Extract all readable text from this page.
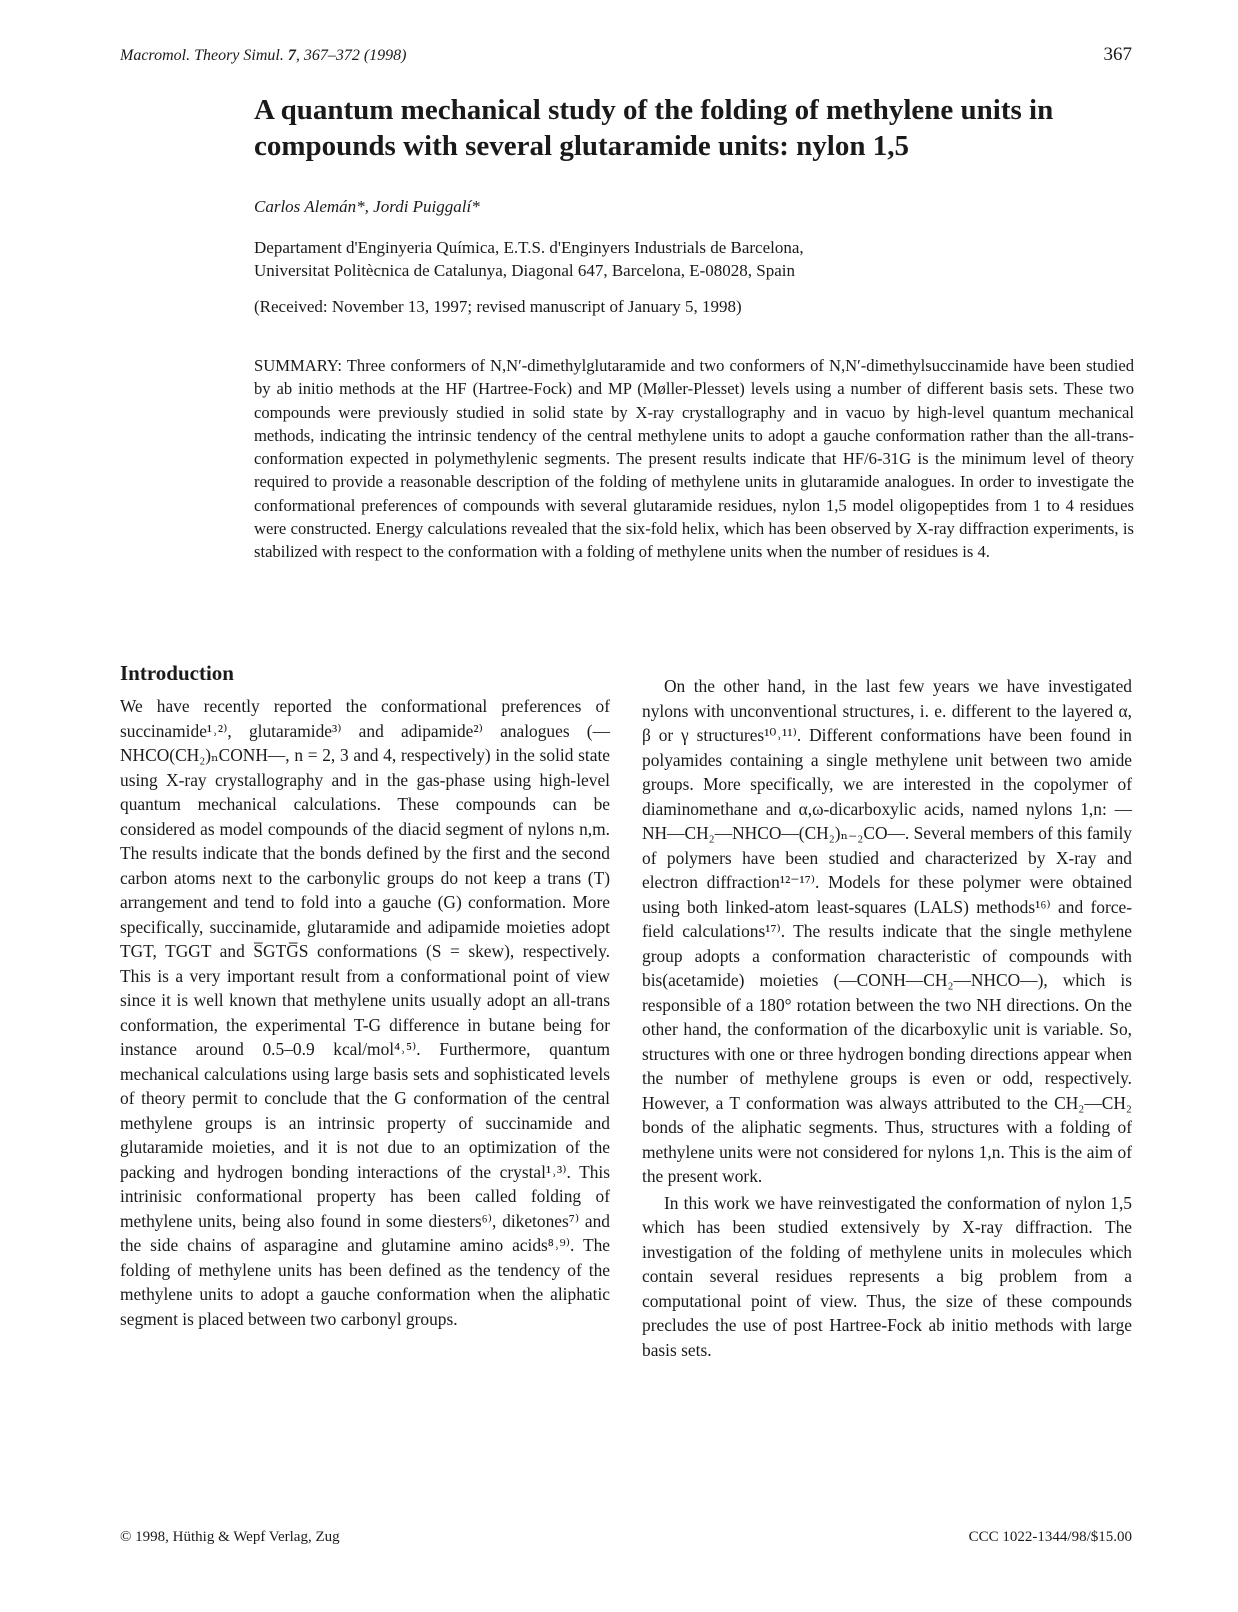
Macromol. Theory Simul. 7, 367–372 (1998)	367
A quantum mechanical study of the folding of methylene units in compounds with several glutaramide units: nylon 1,5
Carlos Alemán*, Jordi Puiggalí*
Departament d'Enginyeria Química, E.T.S. d'Enginyers Industrials de Barcelona,
Universitat Politècnica de Catalunya, Diagonal 647, Barcelona, E-08028, Spain
(Received: November 13, 1997; revised manuscript of January 5, 1998)
SUMMARY: Three conformers of N,N′-dimethylglutaramide and two conformers of N,N′-dimethylsuccinamide have been studied by ab initio methods at the HF (Hartree-Fock) and MP (Møller-Plesset) levels using a number of different basis sets. These two compounds were previously studied in solid state by X-ray crystallography and in vacuo by high-level quantum mechanical methods, indicating the intrinsic tendency of the central methylene units to adopt a gauche conformation rather than the all-trans-conformation expected in polymethylenic segments. The present results indicate that HF/6-31G is the minimum level of theory required to provide a reasonable description of the folding of methylene units in glutaramide analogues. In order to investigate the conformational preferences of compounds with several glutaramide residues, nylon 1,5 model oligopeptides from 1 to 4 residues were constructed. Energy calculations revealed that the six-fold helix, which has been observed by X-ray diffraction experiments, is stabilized with respect to the conformation with a folding of methylene units when the number of residues is 4.
Introduction

We have recently reported the conformational preferences of succinamide¹˒²⁾, glutaramide³⁾ and adipamide²⁾ analogues (—NHCO(CH₂)ₙCONH—, n = 2, 3 and 4, respectively) in the solid state using X-ray crystallography and in the gas-phase using high-level quantum mechanical calculations. These compounds can be considered as model compounds of the diacid segment of nylons n,m. The results indicate that the bonds defined by the first and the second carbon atoms next to the carbonylic groups do not keep a trans (T) arrangement and tend to fold into a gauche (G) conformation. More specifically, succinamide, glutaramide and adipamide moieties adopt TGT, TGGT and S̅GTG̅S conformations (S = skew), respectively. This is a very important result from a conformational point of view since it is well known that methylene units usually adopt an all-trans conformation, the experimental T-G difference in butane being for instance around 0.5–0.9 kcal/mol⁴˒⁵⁾. Furthermore, quantum mechanical calculations using large basis sets and sophisticated levels of theory permit to conclude that the G conformation of the central methylene groups is an intrinsic property of succinamide and glutaramide moieties, and it is not due to an optimization of the packing and hydrogen bonding interactions of the crystal¹˒³⁾. This intrinisic conformational property has been called folding of methylene units, being also found in some diesters⁶⁾, diketones⁷⁾ and the side chains of asparagine and glutamine amino acids⁸˒⁹⁾. The folding of methylene units has been defined as the tendency of the methylene units to adopt a gauche conformation when the aliphatic segment is placed between two carbonyl groups.

On the other hand, in the last few years we have investigated nylons with unconventional structures, i. e. different to the layered α, β or γ structures¹⁰˒¹¹⁾. Different conformations have been found in polyamides containing a single methylene unit between two amide groups. More specifically, we are interested in the copolymer of diaminomethane and α,ω-dicarboxylic acids, named nylons 1,n: —NH—CH₂—NHCO—(CH₂)ₙ₋₂CO—. Several members of this family of polymers have been studied and characterized by X-ray and electron diffraction¹²⁻¹⁷⁾. Models for these polymer were obtained using both linked-atom least-squares (LALS) methods¹⁶⁾ and force-field calculations¹⁷⁾. The results indicate that the single methylene group adopts a conformation characteristic of compounds with bis(acetamide) moieties (—CONH—CH₂—NHCO—), which is responsible of a 180° rotation between the two NH directions. On the other hand, the conformation of the dicarboxylic unit is variable. So, structures with one or three hydrogen bonding directions appear when the number of methylene groups is even or odd, respectively. However, a T conformation was always attributed to the CH₂—CH₂ bonds of the aliphatic segments. Thus, structures with a folding of methylene units were not considered for nylons 1,n. This is the aim of the present work.

In this work we have reinvestigated the conformation of nylon 1,5 which has been studied extensively by X-ray diffraction. The investigation of the folding of methylene units in molecules which contain several residues represents a big problem from a computational point of view. Thus, the size of these compounds precludes the use of post Hartree-Fock ab initio methods with large basis sets.

© 1998, Hüthig & Wepf Verlag, Zug	CCC 1022-1344/98/$15.00
